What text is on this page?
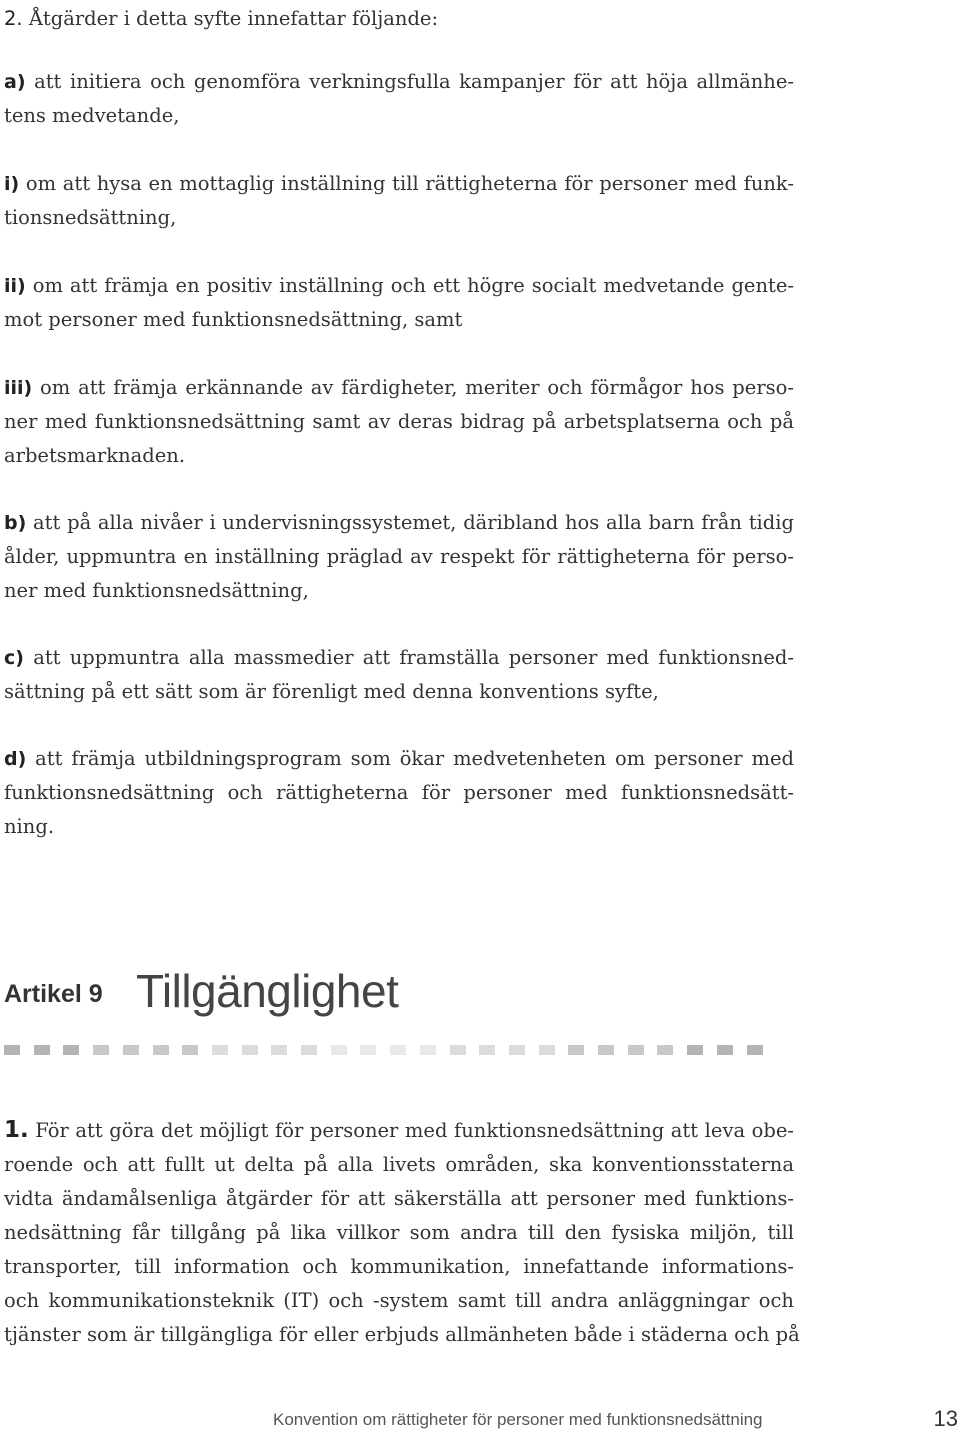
2. Åtgärder i detta syfte innefattar följande:
a) att initiera och genomföra verkningsfulla kampanjer för att höja allmänhe-
tens medvetande,
i) om att hysa en mottaglig inställning till rättigheterna för personer med funk-
tionsnedsättning,
ii) om att främja en positiv inställning och ett högre socialt medvetande gente-
mot personer med funktionsnedsättning, samt
iii) om att främja erkännande av färdigheter, meriter och förmågor hos perso-
ner med funktionsnedsättning samt av deras bidrag på arbetsplatserna och på
arbetsmarknaden.
b) att på alla nivåer i undervisningssystemet, däribland hos alla barn från tidig
ålder, uppmuntra en inställning präglad av respekt för rättigheterna för perso-
ner med funktionsnedsättning,
c) att uppmuntra alla massmedier att framställa personer med funktionsned-
sättning på ett sätt som är förenligt med denna konventions syfte,
d) att främja utbildningsprogram som ökar medvetenheten om personer med
funktionsnedsättning och rättigheterna för personer med funktionsnedsätt-
ning.
Artikel 9 Tillgänglighet
1. För att göra det möjligt för personer med funktionsnedsättning att leva obe-
roende och att fullt ut delta på alla livets områden, ska konventionsstaterna
vidta ändamålsenliga åtgärder för att säkerställa att personer med funktions-
nedsättning får tillgång på lika villkor som andra till den fysiska miljön, till
transporter, till information och kommunikation, innefattande informations-
och kommunikationsteknik (IT) och -system samt till andra anläggningar och
tjänster som är tillgängliga för eller erbjuds allmänheten både i städerna och på
Konvention om rättigheter för personer med funktionsnedsättning	13
